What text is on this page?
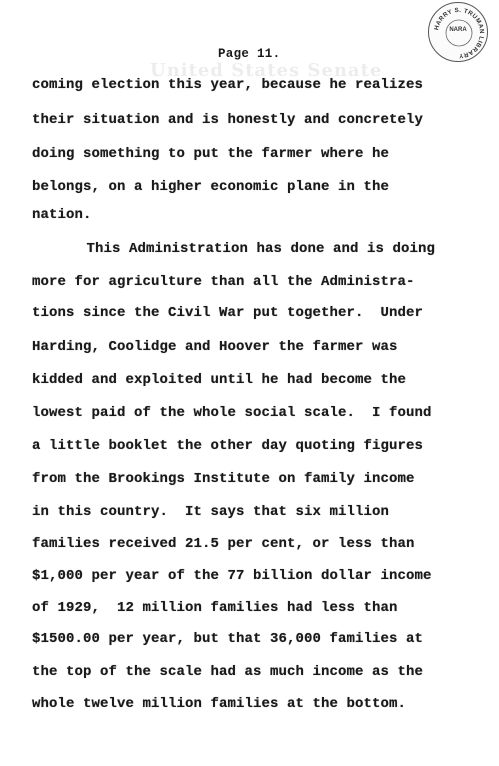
HARRY S. TRUMAN LIBRARY
NARA
United States Senate
Page 11.
coming election this year, because he realizes
their situation and is honestly and concretely
doing something to put the farmer where he
belongs, on a higher economic plane in the
nation.
This Administration has done and is doing
more for agriculture than all the Administra-
tions since the Civil War put together.  Under
Harding, Coolidge and Hoover the farmer was
kidded and exploited until he had become the
lowest paid of the whole social scale.  I found
a little booklet the other day quoting figures
from the Brookings Institute on family income
in this country.  It says that six million
families received 21.5 per cent, or less than
$1,000 per year of the 77 billion dollar income
of 1929,  12 million families had less than
$1500.00 per year, but that 36,000 families at
the top of the scale had as much income as the
whole twelve million families at the bottom.
